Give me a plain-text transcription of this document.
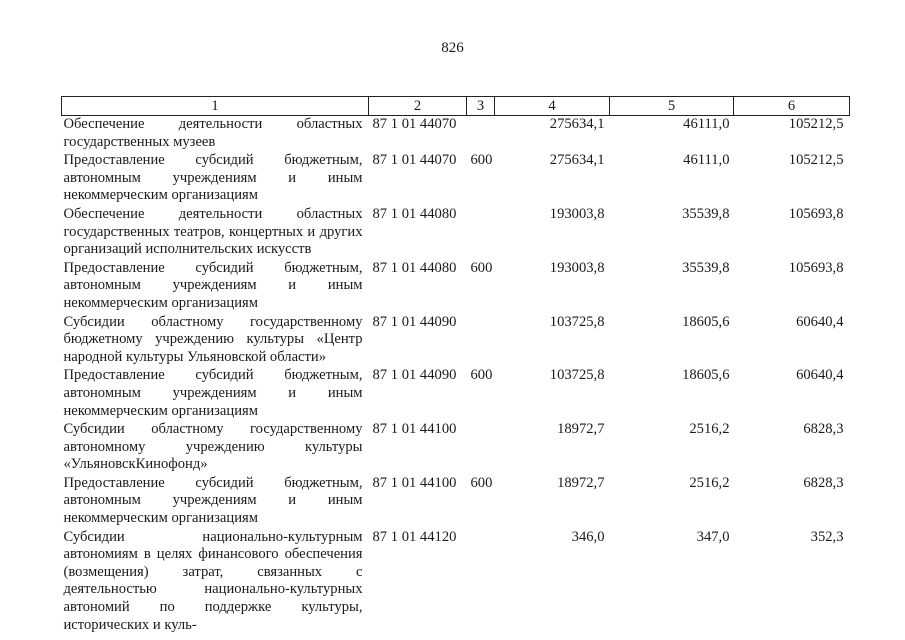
826
1	2	3	4	5	6
Обеспечение деятельности областных государственных музеев	87 1 01 44070		275634,1	46111,0	105212,5
Предоставление субсидий бюджетным, автономным учреждениям и иным некоммерческим организациям	87 1 01 44070	600	275634,1	46111,0	105212,5
Обеспечение деятельности областных государственных театров, концертных и других организаций исполнительских искусств	87 1 01 44080		193003,8	35539,8	105693,8
Предоставление субсидий бюджетным, автономным учреждениям и иным некоммерческим организациям	87 1 01 44080	600	193003,8	35539,8	105693,8
Субсидии областному государственному бюджетному учреждению культуры «Центр народной культуры Ульяновской области»	87 1 01 44090		103725,8	18605,6	60640,4
Предоставление субсидий бюджетным, автономным учреждениям и иным некоммерческим организациям	87 1 01 44090	600	103725,8	18605,6	60640,4
Субсидии областному государственному автономному учреждению культуры «УльяновскКинофонд»	87 1 01 44100		18972,7	2516,2	6828,3
Предоставление субсидий бюджетным, автономным учреждениям и иным некоммерческим организациям	87 1 01 44100	600	18972,7	2516,2	6828,3
Субсидии национально-культурным автономиям в целях финансового обеспечения (возмещения) затрат, связанных с деятельностью национально-культурных автономий по поддержке культуры, исторических и куль-	87 1 01 44120		346,0	347,0	352,3
